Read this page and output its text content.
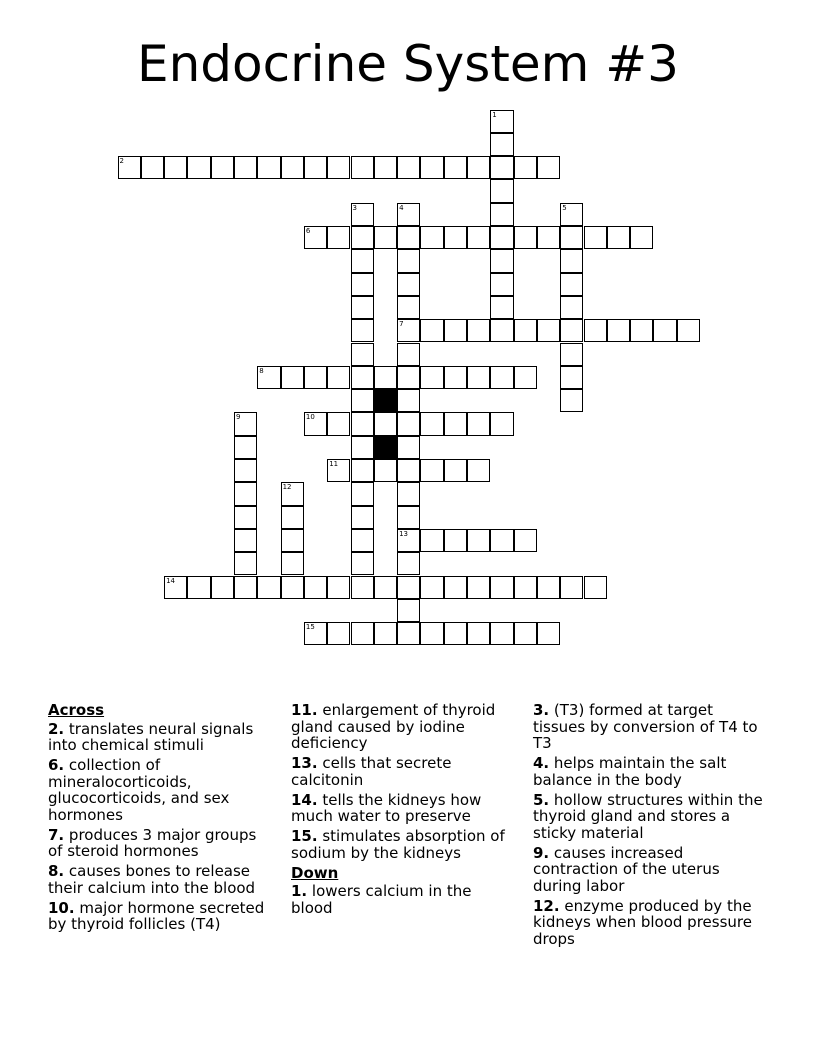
Endocrine System #3
2
6
7
8
10
11
13
14
15
1
3	4	5
9
12
Across
2. translates neural signals into chemical stimuli
6. collection of mineralocorticoids, glucocorticoids, and sex hormones
7. produces 3 major groups of steroid hormones
8. causes bones to release their calcium into the blood
10. major hormone secreted by thyroid follicles (T4)
11. enlargement of thyroid gland caused by iodine deficiency
13. cells that secrete calcitonin
14. tells the kidneys how much water to preserve
15. stimulates absorption of sodium by the kidneys
Down
1. lowers calcium in the blood
3. (T3) formed at target tissues by conversion of T4 to T3
4. helps maintain the salt balance in the body
5. hollow structures within the thyroid gland and stores a sticky material
9. causes increased contraction of the uterus during labor
12. enzyme produced by the kidneys when blood pressure drops
